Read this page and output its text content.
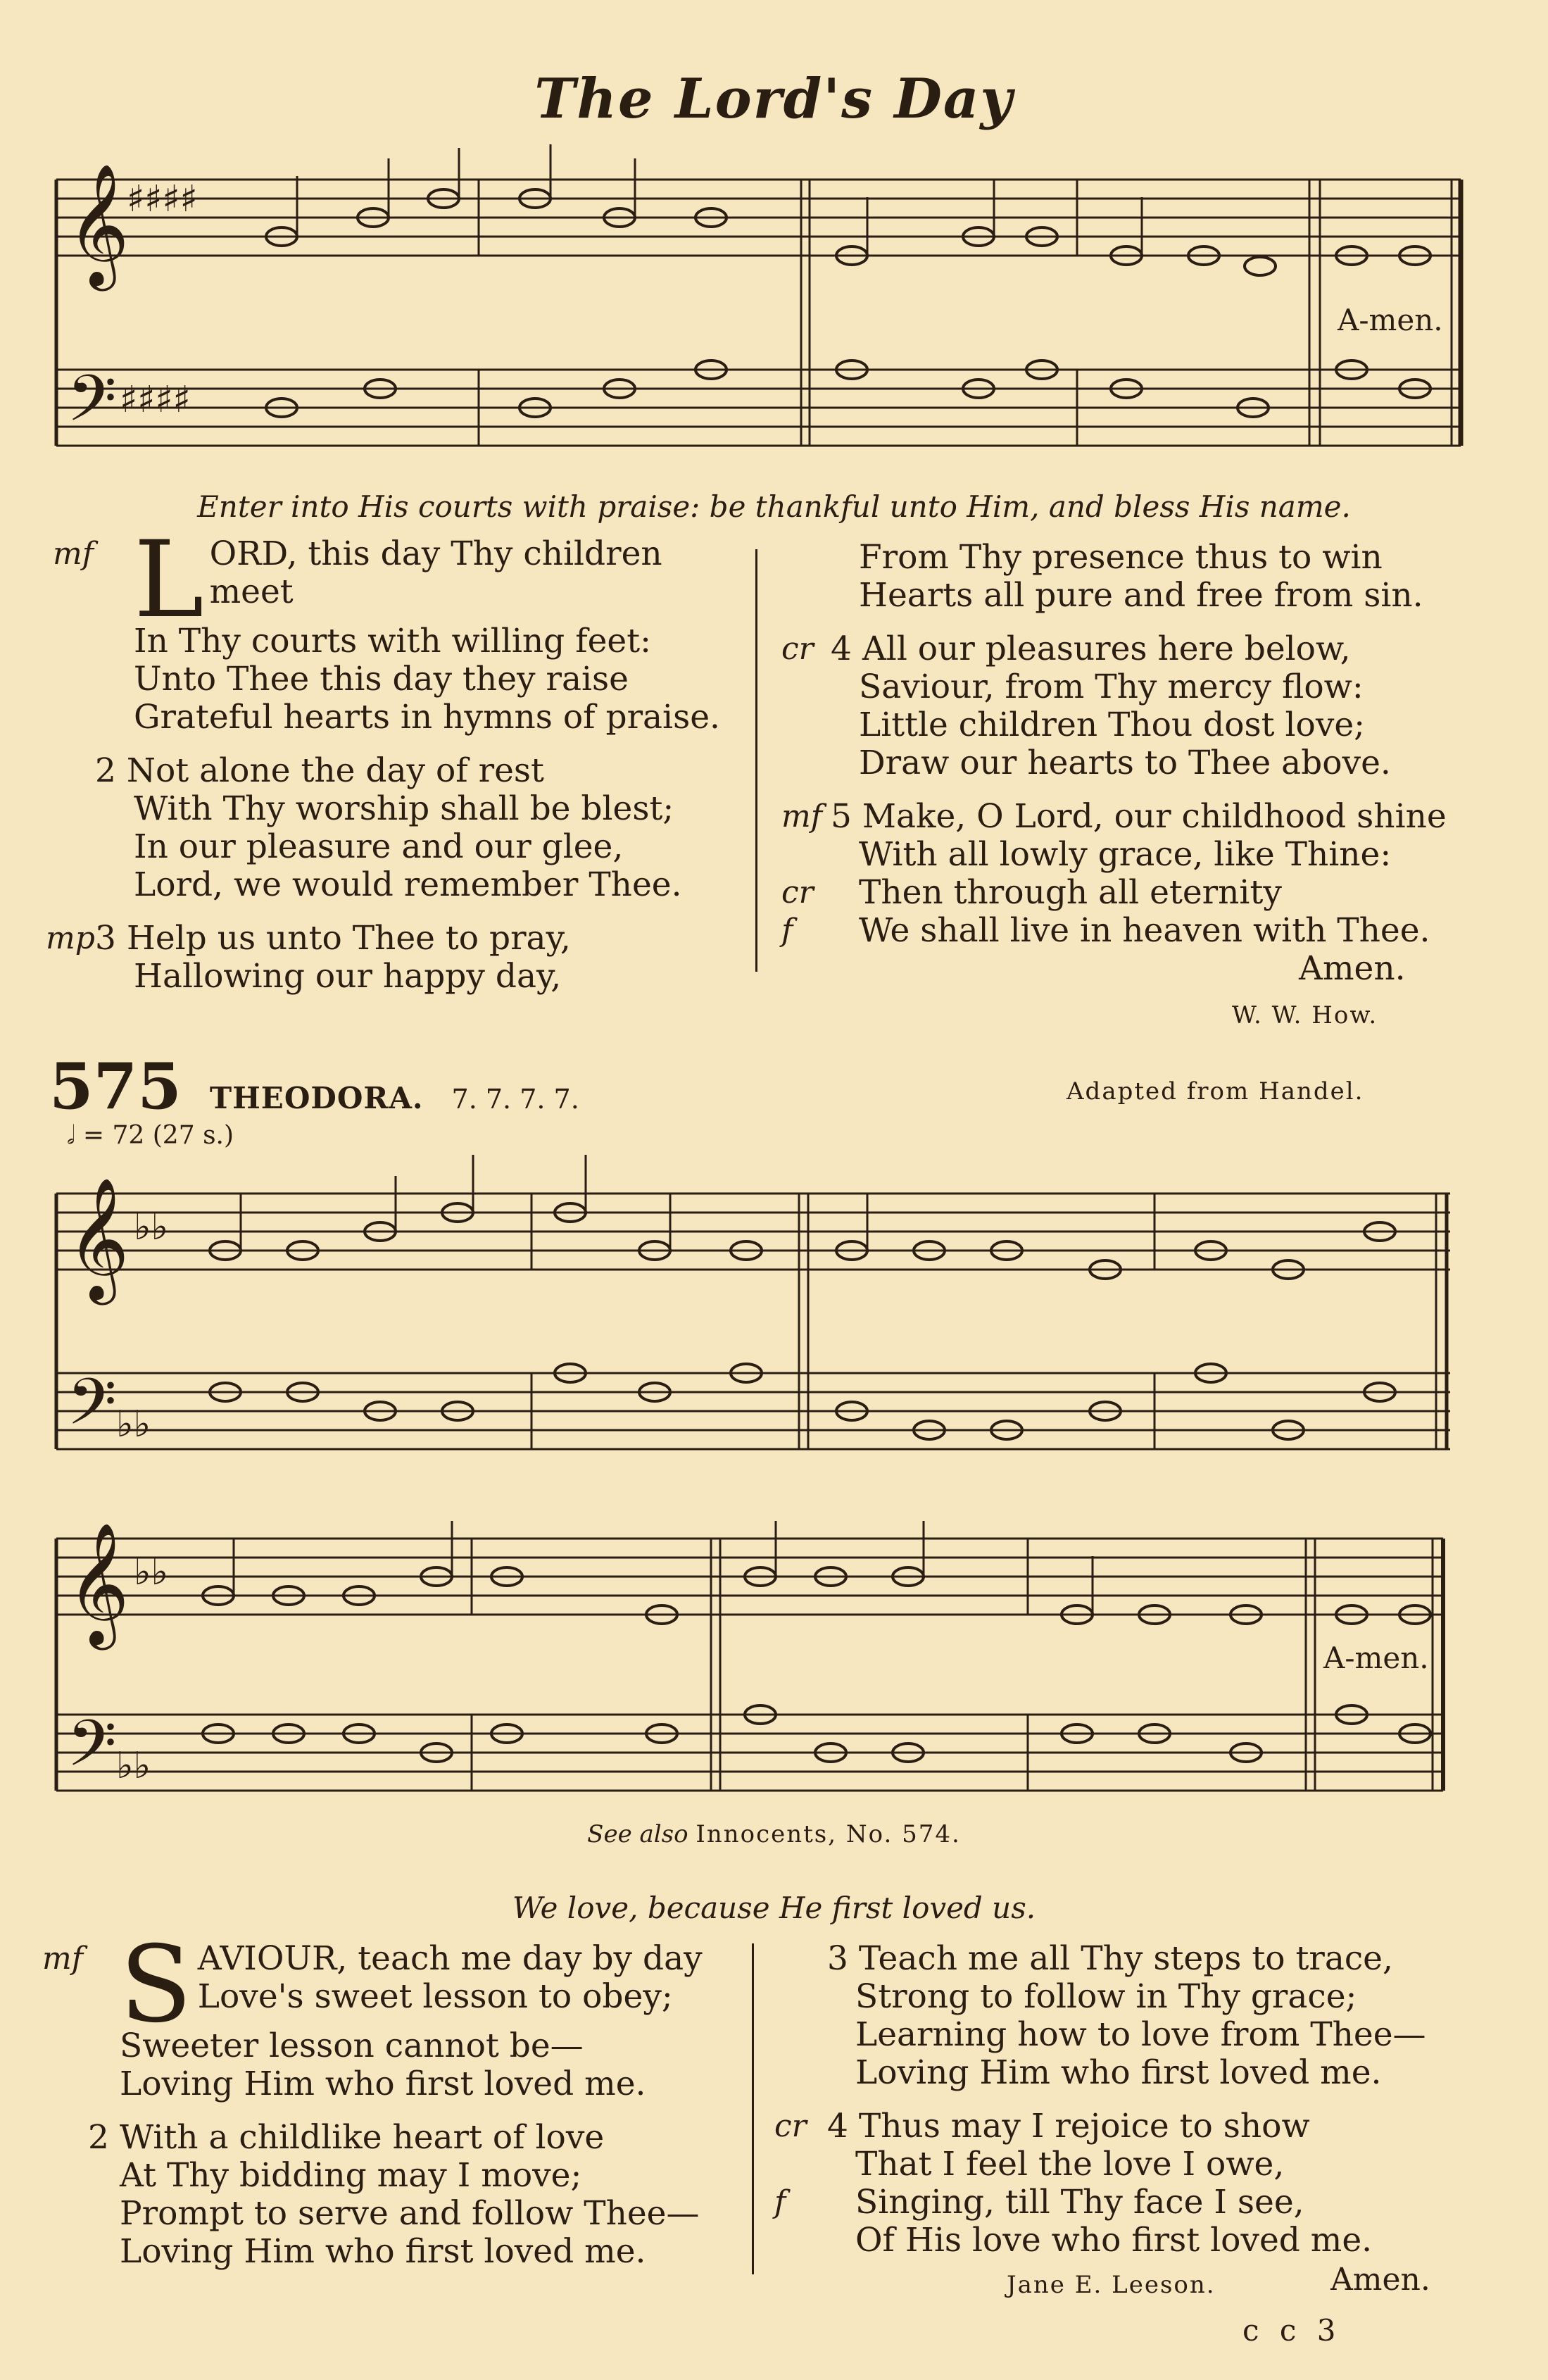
The Lord's Day
𝄞
𝄢
♯♯♯♯
♯♯♯♯
𝄞
𝄢
♭♭
♭♭
𝄞
𝄢
♭♭
♭♭
A-men.
Enter into His courts with praise: be thankful unto Him, and bless His name.
mf L ORD, this day Thy children

meet

In Thy courts with willing feet:

Unto Thee this day they raise

Grateful hearts in hymns of praise.

2 Not alone the day of rest

With Thy worship shall be blest;

In our pleasure and our glee,

Lord, we would remember Thee.

mp 3 Help us unto Thee to pray,

Hallowing our happy day,

From Thy presence thus to win

Hearts all pure and free from sin.

cr 4 All our pleasures here below,

Saviour, from Thy mercy flow:

Little children Thou dost love;

Draw our hearts to Thee above.

mf 5 Make, O Lord, our childhood shine

With all lowly grace, like Thine:

cr Then through all eternity

f We shall live in heaven with Thee.

Amen.

W. W. How.

575 THEODORA. 7. 7. 7. 7.	Adapted from Handel.
𝅗𝅥 = 72 (27 s.)
A-men.
See also Innocents, No. 574.
We love, because He first loved us.
mf S AVIOUR, teach me day by day

Love's sweet lesson to obey;

Sweeter lesson cannot be—

Loving Him who first loved me.

2 With a childlike heart of love

At Thy bidding may I move;

Prompt to serve and follow Thee—

Loving Him who first loved me.

3 Teach me all Thy steps to trace,

Strong to follow in Thy grace;

Learning how to love from Thee—

Loving Him who first loved me.

cr 4 Thus may I rejoice to show

That I feel the love I owe,

f Singing, till Thy face I see,

Of His love who first loved me.

Jane E. Leeson.	Amen.
c c 3
